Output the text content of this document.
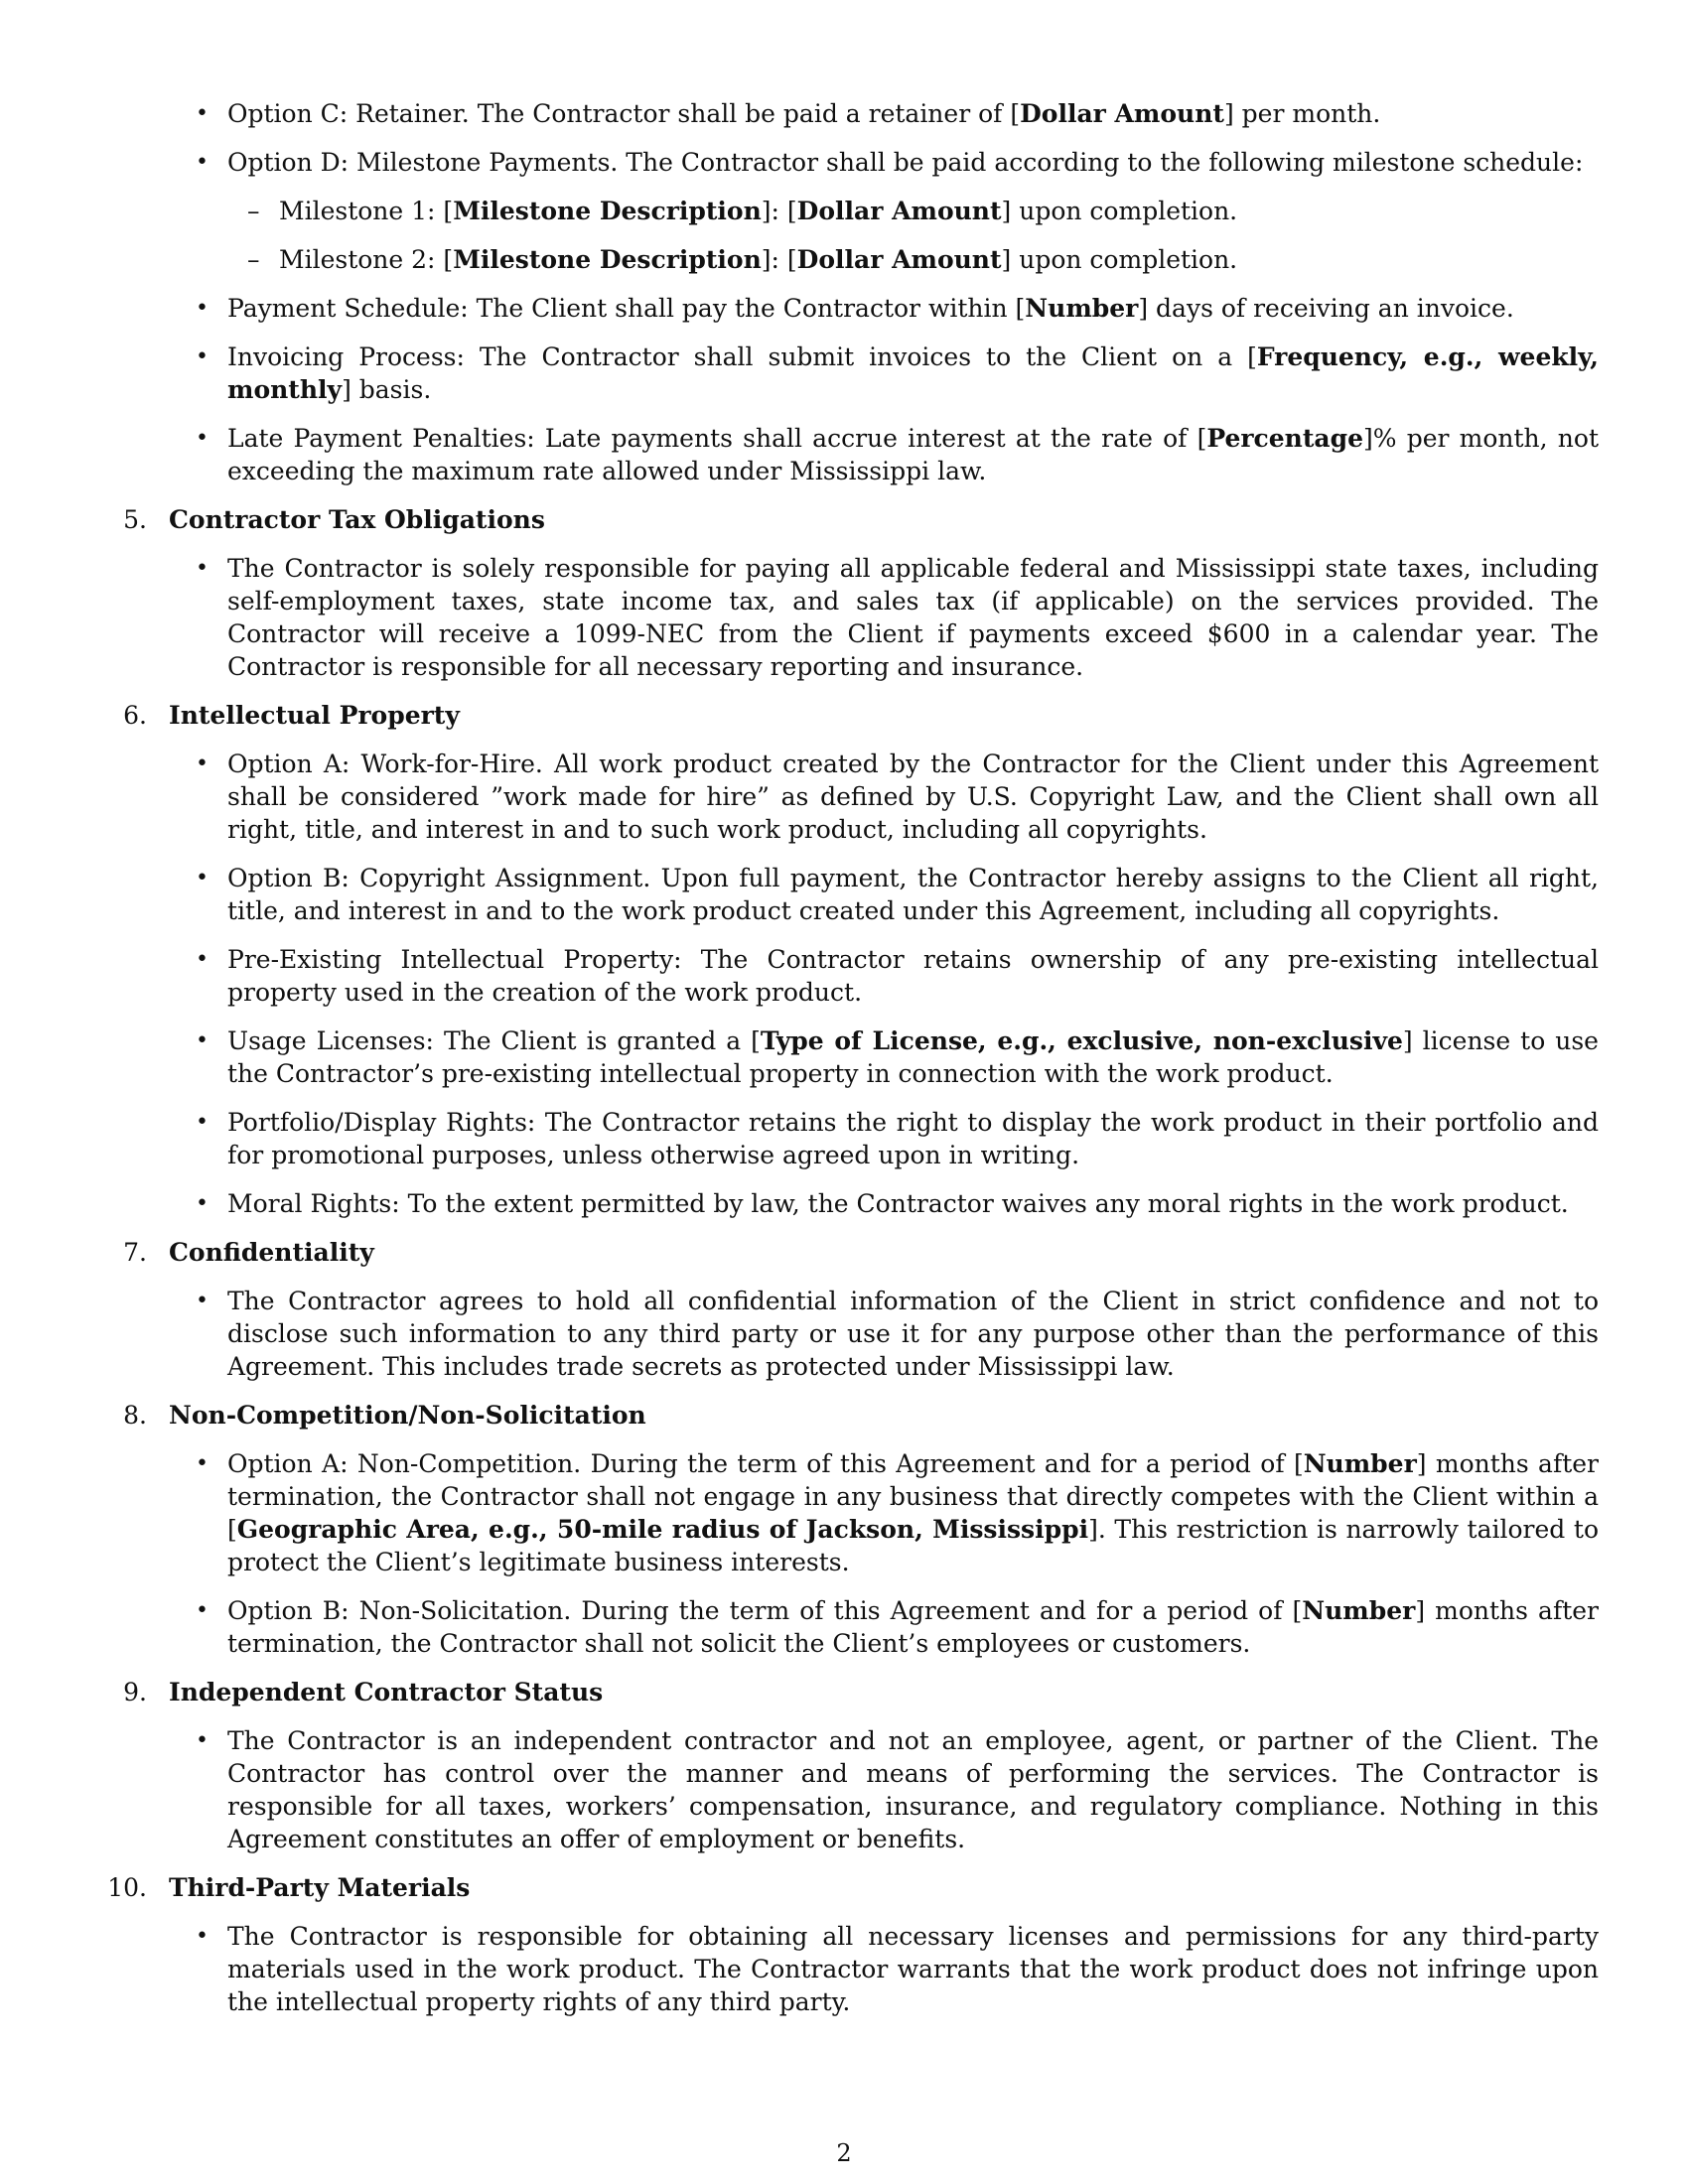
• Option C: Retainer. The Contractor shall be paid a retainer of [Dollar Amount] per month.
• Option D: Milestone Payments. The Contractor shall be paid according to the following milestone schedule:
– Milestone 1: [Milestone Description]: [Dollar Amount] upon completion.
– Milestone 2: [Milestone Description]: [Dollar Amount] upon completion.
• Payment Schedule: The Client shall pay the Contractor within [Number] days of receiving an invoice.
• Invoicing Process: The Contractor shall submit invoices to the Client on a [Frequency, e.g., weekly, monthly] basis.
• Late Payment Penalties: Late payments shall accrue interest at the rate of [Percentage]% per month, not exceeding the maximum rate allowed under Mississippi law.
5. Contractor Tax Obligations
• The Contractor is solely responsible for paying all applicable federal and Mississippi state taxes, including self-employment taxes, state income tax, and sales tax (if applicable) on the services provided. The Contractor will receive a 1099-NEC from the Client if payments exceed $600 in a calendar year. The Contractor is responsible for all necessary reporting and insurance.
6. Intellectual Property
• Option A: Work-for-Hire. All work product created by the Contractor for the Client under this Agreement shall be considered ”work made for hire” as defined by U.S. Copyright Law, and the Client shall own all right, title, and interest in and to such work product, including all copyrights.
• Option B: Copyright Assignment. Upon full payment, the Contractor hereby assigns to the Client all right, title, and interest in and to the work product created under this Agreement, including all copyrights.
• Pre-Existing Intellectual Property: The Contractor retains ownership of any pre-existing intellectual property used in the creation of the work product.
• Usage Licenses: The Client is granted a [Type of License, e.g., exclusive, non-exclusive] license to use the Contractor’s pre-existing intellectual property in connection with the work product.
• Portfolio/Display Rights: The Contractor retains the right to display the work product in their portfolio and for promotional purposes, unless otherwise agreed upon in writing.
• Moral Rights: To the extent permitted by law, the Contractor waives any moral rights in the work product.
7. Confidentiality
• The Contractor agrees to hold all confidential information of the Client in strict confidence and not to disclose such information to any third party or use it for any purpose other than the performance of this Agreement. This includes trade secrets as protected under Mississippi law.
8. Non-Competition/Non-Solicitation
• Option A: Non-Competition. During the term of this Agreement and for a period of [Number] months after termination, the Contractor shall not engage in any business that directly competes with the Client within a [Geographic Area, e.g., 50-mile radius of Jackson, Mississippi]. This restriction is narrowly tailored to protect the Client’s legitimate business interests.
• Option B: Non-Solicitation. During the term of this Agreement and for a period of [Number] months after termination, the Contractor shall not solicit the Client’s employees or customers.
9. Independent Contractor Status
• The Contractor is an independent contractor and not an employee, agent, or partner of the Client. The Contractor has control over the manner and means of performing the services. The Contractor is responsible for all taxes, workers’ compensation, insurance, and regulatory compliance. Nothing in this Agreement constitutes an offer of employment or benefits.
10. Third-Party Materials
• The Contractor is responsible for obtaining all necessary licenses and permissions for any third-party materials used in the work product. The Contractor warrants that the work product does not infringe upon the intellectual property rights of any third party.
2
